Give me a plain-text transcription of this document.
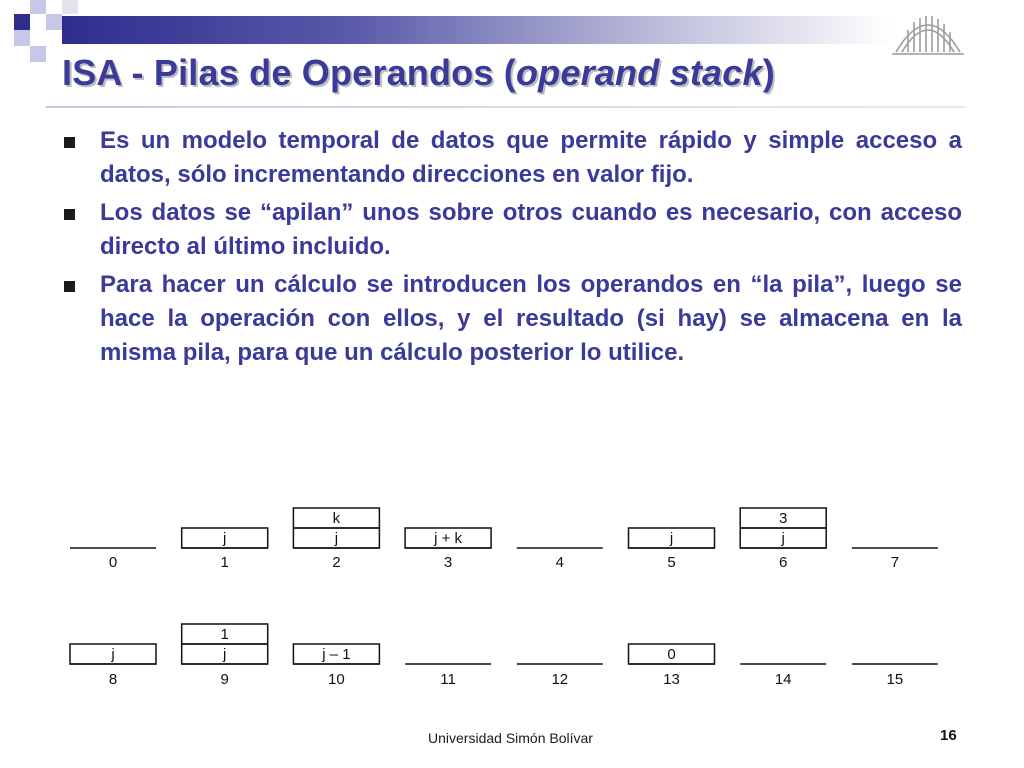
ISA - Pilas de Operandos (operand stack)
Es un modelo temporal de datos que permite rápido y simple acceso a datos, sólo incrementando direcciones en valor fijo.
Los datos se “apilan” unos sobre otros cuando es necesario, con acceso directo al último incluido.
Para hacer un cálculo se introducen los operandos en “la pila”, luego se hace la operación con ellos, y el resultado (si hay) se almacena en la misma pila, para que un cálculo posterior lo utilice.
0
j
1
j
k
2
j + k
3	4
j
5
j
3
6	7
j
8
j
1
9
j – 1
10	11	12
0
13	14	15
Universidad Simón Bolívar	16
